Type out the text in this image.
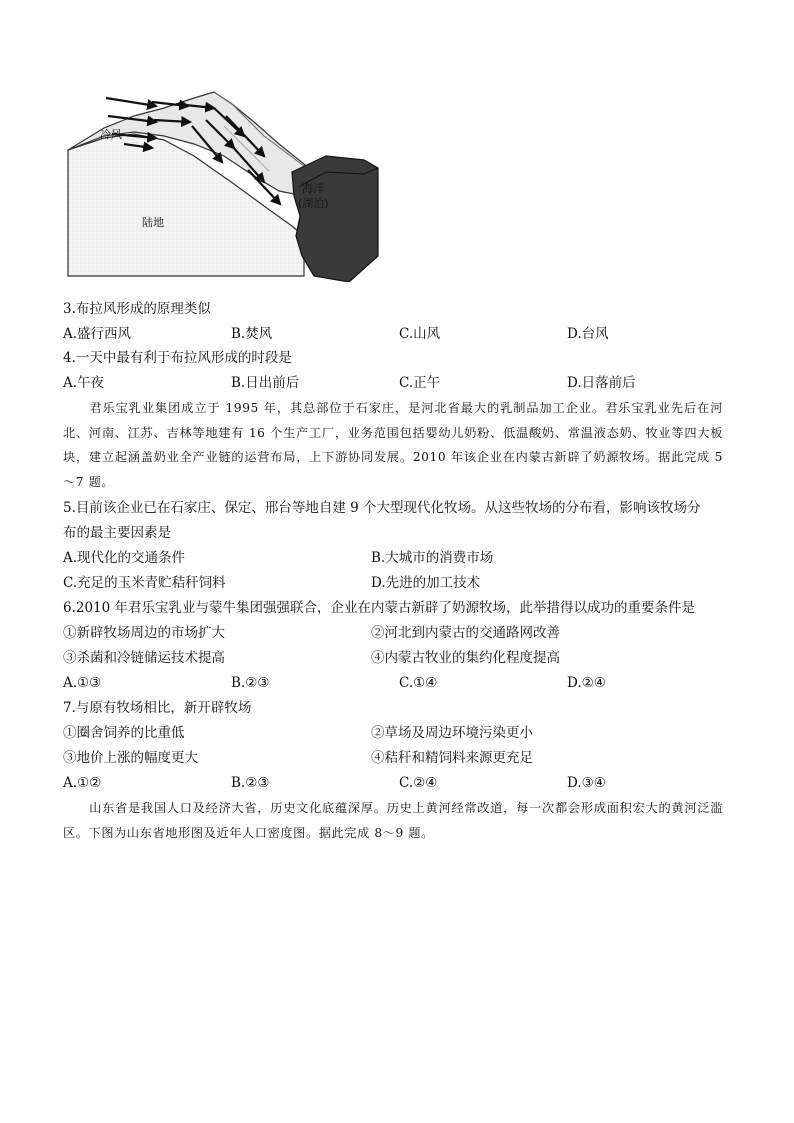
冷风
陆地
海洋
(湖泊)
3.布拉风形成的原理类似
A.盛行西风	B.焚风	C.山风	D.台风
4.一天中最有利于布拉风形成的时段是
A.午夜	B.日出前后	C.正午	D.日落前后
君乐宝乳业集团成立于 1995 年，其总部位于石家庄，是河北省最大的乳制品加工企业。君乐宝乳业先后在河北、河南、江苏、吉林等地建有 16 个生产工厂，业务范围包括婴幼儿奶粉、低温酸奶、常温液态奶、牧业等四大板块，建立起涵盖奶业全产业链的运营布局，上下游协同发展。2010 年该企业在内蒙古新辟了奶源牧场。据此完成 5～7 题。
5.目前该企业已在石家庄、保定、邢台等地自建 9 个大型现代化牧场。从这些牧场的分布看，影响该牧场分
布的最主要因素是
A.现代化的交通条件	B.大城市的消费市场
C.充足的玉米青贮秸秆饲料	D.先进的加工技术
6.2010 年君乐宝乳业与蒙牛集团强强联合，企业在内蒙古新辟了奶源牧场，此举措得以成功的重要条件是
①新辟牧场周边的市场扩大	②河北到内蒙古的交通路网改善
③杀菌和冷链储运技术提高	④内蒙古牧业的集约化程度提高
A.①③	B.②③	C.①④	D.②④
7.与原有牧场相比，新开辟牧场
①圈舍饲养的比重低	②草场及周边环境污染更小
③地价上涨的幅度更大	④秸秆和精饲料来源更充足
A.①②	B.②③	C.②④	D.③④
山东省是我国人口及经济大省，历史文化底蕴深厚。历史上黄河经常改道，每一次都会形成面积宏大的黄河泛滥区。下图为山东省地形图及近年人口密度图。据此完成 8～9 题。
